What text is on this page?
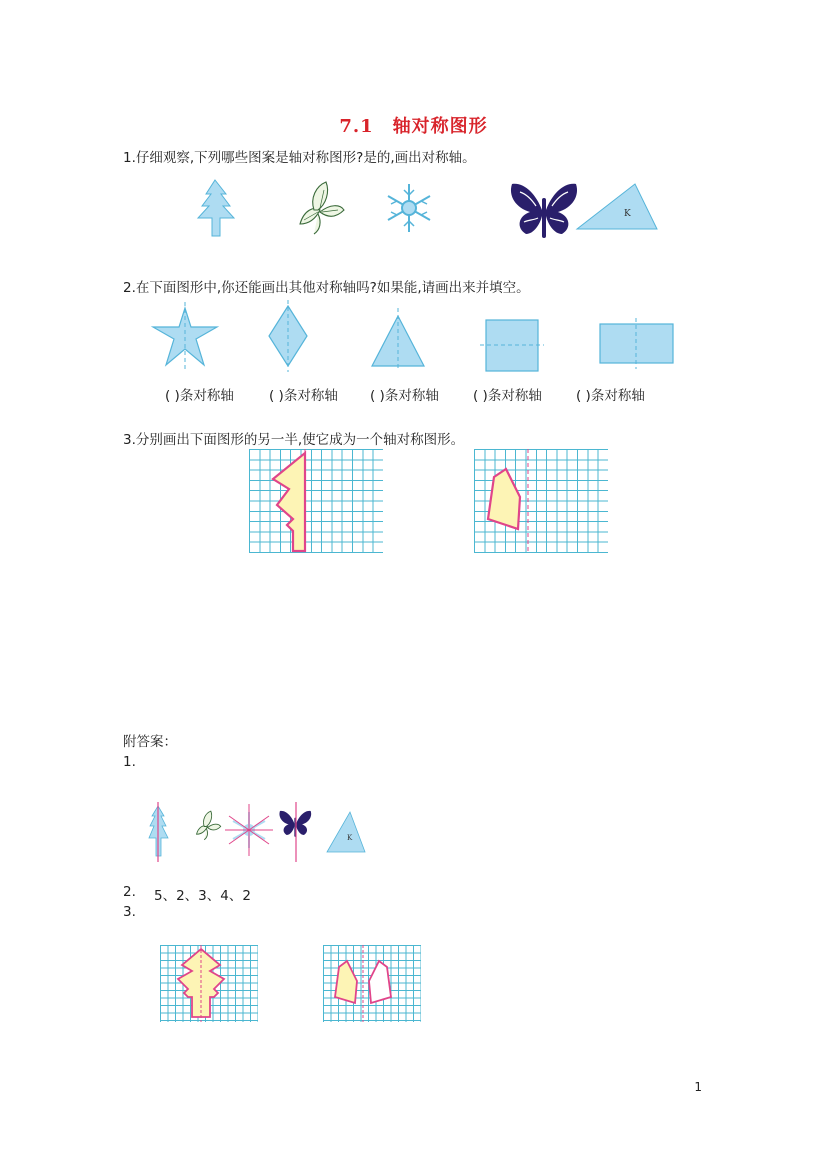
7.1　轴对称图形
1.仔细观察,下列哪些图案是轴对称图形?是的,画出对称轴。
K
2.在下面图形中,你还能画出其他对称轴吗?如果能,请画出来并填空。
( )条对称轴	( )条对称轴 ( )条对称轴	( )条对称轴	( )条对称轴
3.分别画出下面图形的另一半,使它成为一个轴对称图形。
附答案：
1.
K
2. 5、2、3、4、2
3.
1
